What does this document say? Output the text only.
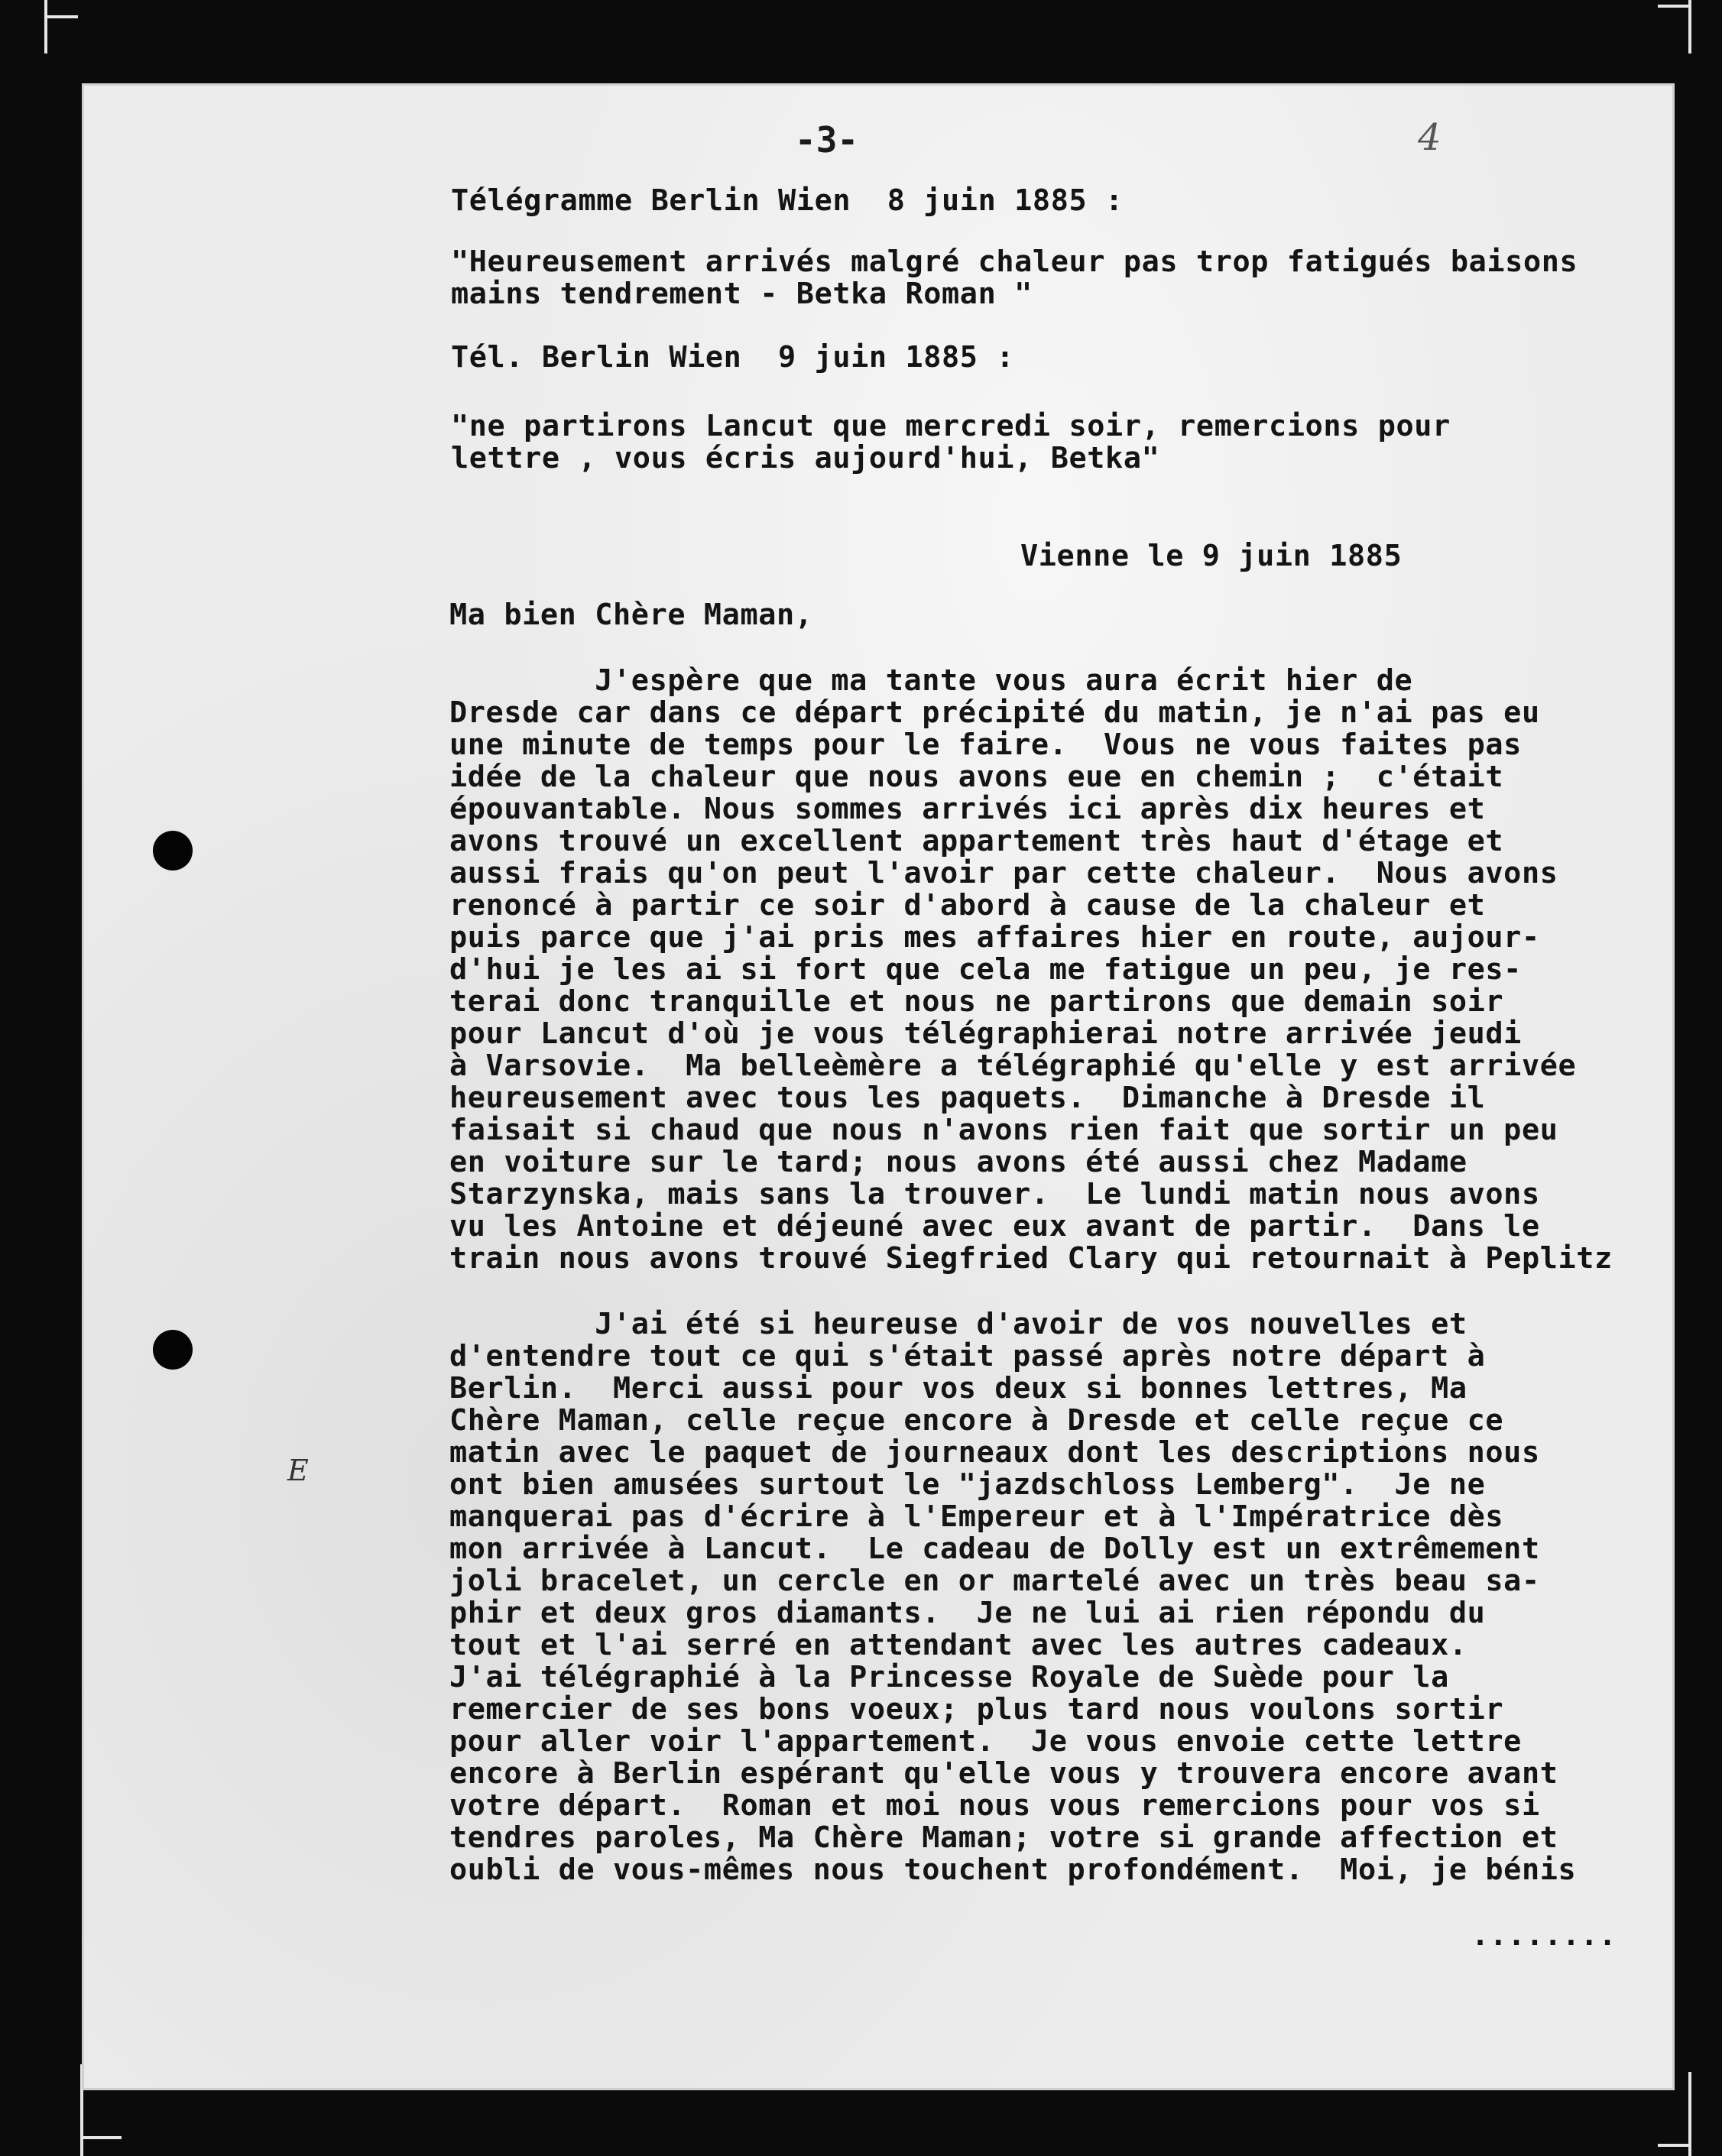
-3-	4
E
Télégramme Berlin Wien  8 juin 1885 :
"Heureusement arrivés malgré chaleur pas trop fatigués baisons
mains tendrement - Betka Roman "
Tél. Berlin Wien  9 juin 1885 :
"ne partirons Lancut que mercredi soir, remercions pour
lettre , vous écris aujourd'hui, Betka"
Vienne le 9 juin 1885
Ma bien Chère Maman,
J'espère que ma tante vous aura écrit hier de
Dresde car dans ce départ précipité du matin, je n'ai pas eu
une minute de temps pour le faire.  Vous ne vous faites pas
idée de la chaleur que nous avons eue en chemin ;  c'était
épouvantable. Nous sommes arrivés ici après dix heures et
avons trouvé un excellent appartement très haut d'étage et
aussi frais qu'on peut l'avoir par cette chaleur.  Nous avons
renoncé à partir ce soir d'abord à cause de la chaleur et
puis parce que j'ai pris mes affaires hier en route, aujour-
d'hui je les ai si fort que cela me fatigue un peu, je res-
terai donc tranquille et nous ne partirons que demain soir
pour Lancut d'où je vous télégraphierai notre arrivée jeudi
à Varsovie.  Ma belleèmère a télégraphié qu'elle y est arrivée
heureusement avec tous les paquets.  Dimanche à Dresde il
faisait si chaud que nous n'avons rien fait que sortir un peu
en voiture sur le tard; nous avons été aussi chez Madame
Starzynska, mais sans la trouver.  Le lundi matin nous avons
vu les Antoine et déjeuné avec eux avant de partir.  Dans le
train nous avons trouvé Siegfried Clary qui retournait à Peplitz
J'ai été si heureuse d'avoir de vos nouvelles et
d'entendre tout ce qui s'était passé après notre départ à
Berlin.  Merci aussi pour vos deux si bonnes lettres, Ma
Chère Maman, celle reçue encore à Dresde et celle reçue ce
matin avec le paquet de journeaux dont les descriptions nous
ont bien amusées surtout le "jazdschloss Lemberg".  Je ne
manquerai pas d'écrire à l'Empereur et à l'Impératrice dès
mon arrivée à Lancut.  Le cadeau de Dolly est un extrêmement
joli bracelet, un cercle en or martelé avec un très beau sa-
phir et deux gros diamants.  Je ne lui ai rien répondu du
tout et l'ai serré en attendant avec les autres cadeaux.
J'ai télégraphié à la Princesse Royale de Suède pour la
remercier de ses bons voeux; plus tard nous voulons sortir
pour aller voir l'appartement.  Je vous envoie cette lettre
encore à Berlin espérant qu'elle vous y trouvera encore avant
votre départ.  Roman et moi nous vous remercions pour vos si
tendres paroles, Ma Chère Maman; votre si grande affection et
oubli de vous-mêmes nous touchent profondément.  Moi, je bénis
........
